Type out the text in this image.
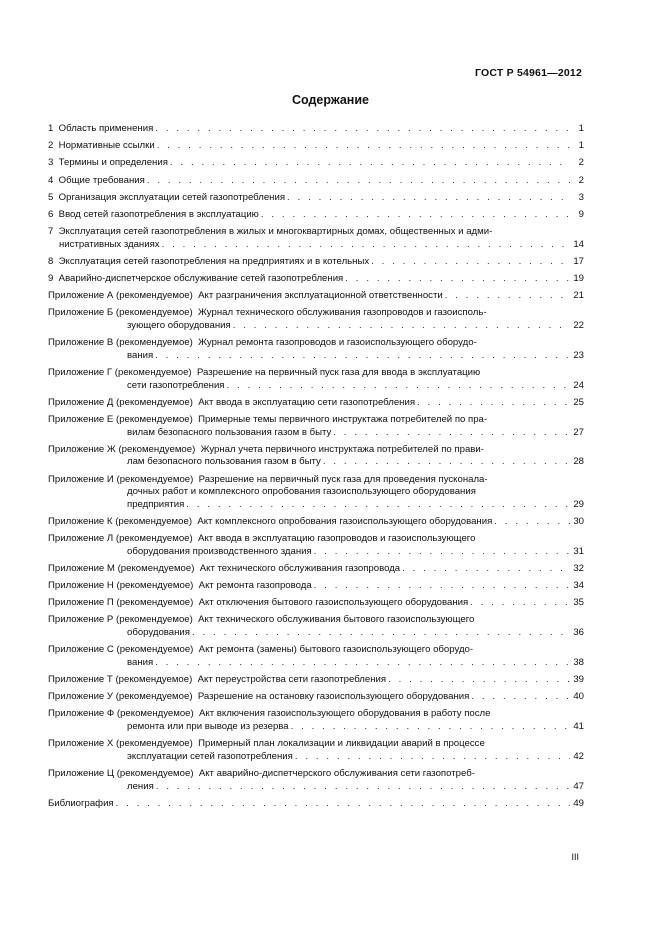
ГОСТ Р 54961—2012
Содержание
1  Область применения . . .	1
2  Нормативные ссылки . . .	1
3  Термины и определения . . .	2
4  Общие требования . . .	2
5  Организация эксплуатации сетей газопотребления . . .	3
6  Ввод сетей газопотребления в эксплуатацию . . .	9
7  Эксплуатация сетей газопотребления в жилых и многоквартирных домах, общественных и адми-
нистративных зданиях . . .	14
8  Эксплуатация сетей газопотребления на предприятиях и в котельных . . .	17
9  Аварийно-диспетчерское обслуживание сетей газопотребления . . .	19
Приложение А (рекомендуемое)  Акт разграничения эксплуатационной ответственности . . .	21
Приложение Б (рекомендуемое)  Журнал технического обслуживания газопроводов и газоисполь-
зующего оборудования . . .	22
Приложение В (рекомендуемое)  Журнал ремонта газопроводов и газоиспользующего оборудо-
вания . . .	23
Приложение Г (рекомендуемое)  Разрешение на первичный пуск газа для ввода в эксплуатацию
сети газопотребления . . .	24
Приложение Д (рекомендуемое)  Акт ввода в эксплуатацию сети газопотребления . . .	25
Приложение Е (рекомендуемое)  Примерные темы первичного инструктажа потребителей по пра-
вилам безопасного пользования газом в быту . . .	27
Приложение Ж (рекомендуемое)  Журнал учета первичного инструктажа потребителей по прави-
лам безопасного пользования газом в быту . . .	28
Приложение И (рекомендуемое)  Разрешение на первичный пуск газа для проведения пусконала-
дочных работ и комплексного опробования газоиспользующего оборудования
предприятия . . .	29
Приложение К (рекомендуемое)  Акт комплексного опробования газоиспользующего оборудования . . .	30
Приложение Л (рекомендуемое)  Акт ввода в эксплуатацию газопроводов и газоиспользующего
оборудования производственного здания . . .	31
Приложение М (рекомендуемое)  Акт технического обслуживания газопровода . . .	32
Приложение Н (рекомендуемое)  Акт ремонта газопровода . . .	34
Приложение П (рекомендуемое)  Акт отключения бытового газоиспользующего оборудования . . .	35
Приложение Р (рекомендуемое)  Акт технического обслуживания бытового газоиспользующего
оборудования . . .	36
Приложение С (рекомендуемое)  Акт ремонта (замены) бытового газоиспользующего оборудо-
вания . . .	38
Приложение Т (рекомендуемое)  Акт переустройства сети газопотребления . . .	39
Приложение У (рекомендуемое)  Разрешение на остановку газоиспользующего оборудования . . .	40
Приложение Ф (рекомендуемое)  Акт включения газоиспользующего оборудования в работу после
ремонта или при выводе из резерва . . .	41
Приложение Х (рекомендуемое)  Примерный план локализации и ликвидации аварий в процессе
эксплуатации сетей газопотребления . . .	42
Приложение Ц (рекомендуемое)  Акт аварийно-диспетчерского обслуживания сети газопотреб-
ления . . .	47
Библиография . . .	49
III
